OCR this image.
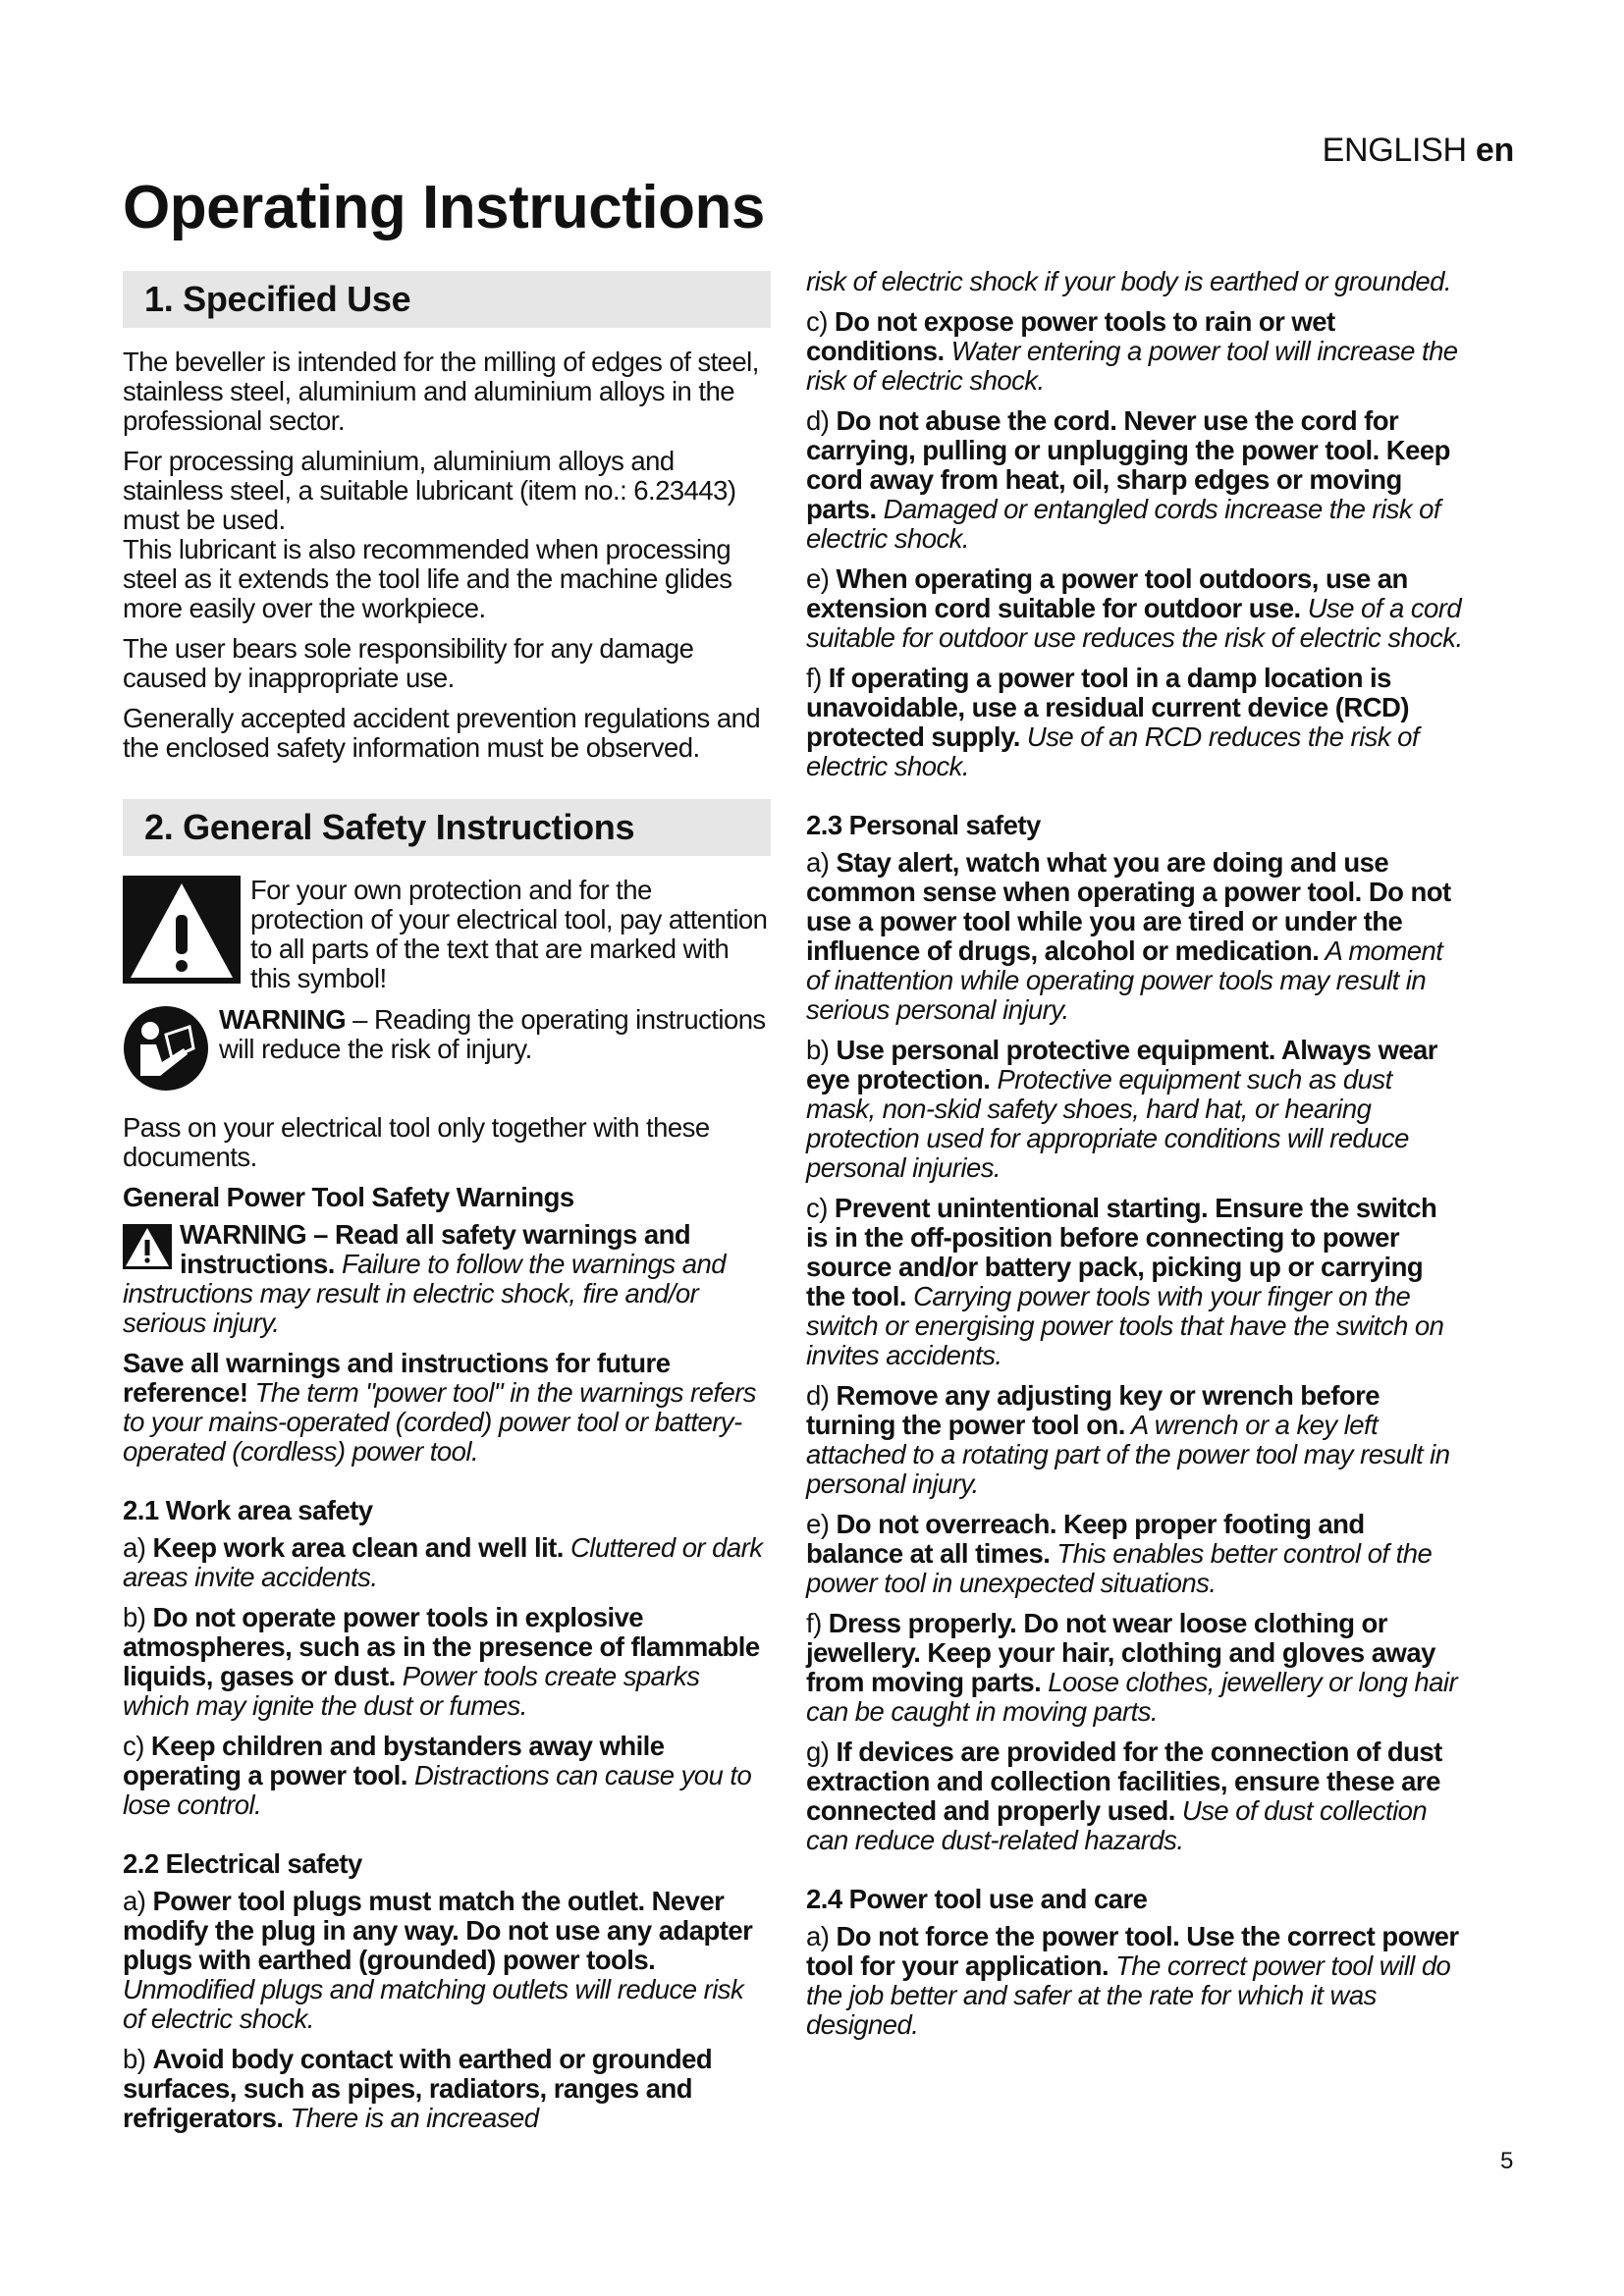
ENGLISH en
Operating Instructions
1. Specified Use

The beveller is intended for the milling of edges of steel, stainless steel, aluminium and aluminium alloys in the professional sector.

For processing aluminium, aluminium alloys and stainless steel, a suitable lubricant (item no.: 6.23443) must be used.
This lubricant is also recommended when processing steel as it extends the tool life and the machine glides more easily over the workpiece.

The user bears sole responsibility for any damage caused by inappropriate use.

Generally accepted accident prevention regulations and the enclosed safety information must be observed.

2. General Safety Instructions
For your own protection and for the protection of your electrical tool, pay attention to all parts of the text that are marked with this symbol!
WARNING – Reading the operating instructions will reduce the risk of injury.

Pass on your electrical tool only together with these documents.

General Power Tool Safety Warnings

WARNING – Read all safety warnings and instructions. Failure to follow the warnings and instructions may result in electric shock, fire and/or serious injury.

Save all warnings and instructions for future reference! The term "power tool" in the warnings refers to your mains-operated (corded) power tool or battery-operated (cordless) power tool.

2.1 Work area safety

a) Keep work area clean and well lit. Cluttered or dark areas invite accidents.

b) Do not operate power tools in explosive atmospheres, such as in the presence of flammable liquids, gases or dust. Power tools create sparks which may ignite the dust or fumes.

c) Keep children and bystanders away while operating a power tool. Distractions can cause you to lose control.

2.2 Electrical safety

a) Power tool plugs must match the outlet. Never modify the plug in any way. Do not use any adapter plugs with earthed (grounded) power tools. Unmodified plugs and matching outlets will reduce risk of electric shock.

b) Avoid body contact with earthed or grounded surfaces, such as pipes, radiators, ranges and refrigerators. There is an increased

risk of electric shock if your body is earthed or grounded.

c) Do not expose power tools to rain or wet conditions. Water entering a power tool will increase the risk of electric shock.

d) Do not abuse the cord. Never use the cord for carrying, pulling or unplugging the power tool. Keep cord away from heat, oil, sharp edges or moving parts. Damaged or entangled cords increase the risk of electric shock.

e) When operating a power tool outdoors, use an extension cord suitable for outdoor use. Use of a cord suitable for outdoor use reduces the risk of electric shock.

f) If operating a power tool in a damp location is unavoidable, use a residual current device (RCD) protected supply. Use of an RCD reduces the risk of electric shock.

2.3 Personal safety

a) Stay alert, watch what you are doing and use common sense when operating a power tool. Do not use a power tool while you are tired or under the influence of drugs, alcohol or medication. A moment of inattention while operating power tools may result in serious personal injury.

b) Use personal protective equipment. Always wear eye protection. Protective equipment such as dust mask, non-skid safety shoes, hard hat, or hearing protection used for appropriate conditions will reduce personal injuries.

c) Prevent unintentional starting. Ensure the switch is in the off-position before connecting to power source and/or battery pack, picking up or carrying the tool. Carrying power tools with your finger on the switch or energising power tools that have the switch on invites accidents.

d) Remove any adjusting key or wrench before turning the power tool on. A wrench or a key left attached to a rotating part of the power tool may result in personal injury.

e) Do not overreach. Keep proper footing and balance at all times. This enables better control of the power tool in unexpected situations.

f) Dress properly. Do not wear loose clothing or jewellery. Keep your hair, clothing and gloves away from moving parts. Loose clothes, jewellery or long hair can be caught in moving parts.

g) If devices are provided for the connection of dust extraction and collection facilities, ensure these are connected and properly used. Use of dust collection can reduce dust-related hazards.

2.4 Power tool use and care

a) Do not force the power tool. Use the correct power tool for your application. The correct power tool will do the job better and safer at the rate for which it was designed.

5
